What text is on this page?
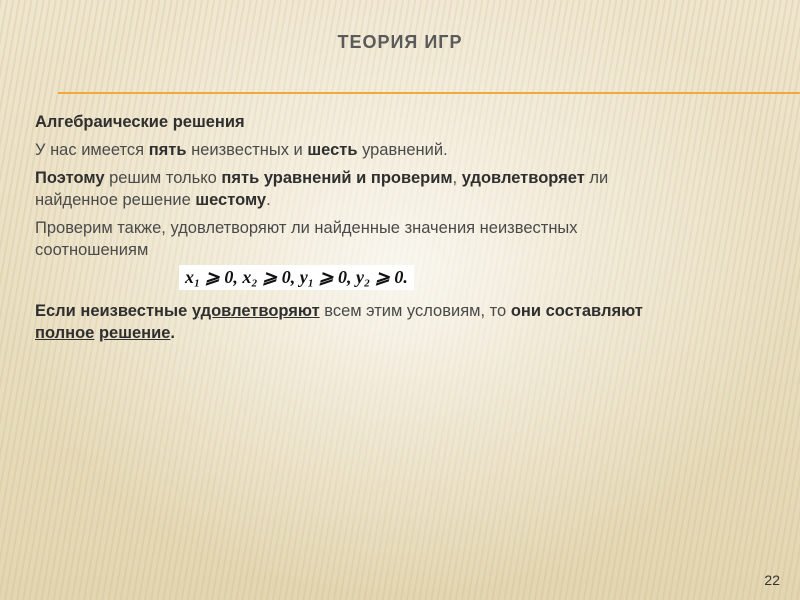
ТЕОРИЯ ИГР

Алгебраические решения

У нас имеется пять неизвестных и шесть уравнений.

Поэтому решим только пять уравнений и проверим, удовлетворяет ли найденное решение шестому.

Проверим также, удовлетворяют ли найденные значения неизвестных соотношениям

x₁ ⩾ 0, x₂ ⩾ 0, y₁ ⩾ 0, y₂ ⩾ 0.

Если неизвестные удовлетворяют всем этим условиям, то они составляют полное решение.

22
